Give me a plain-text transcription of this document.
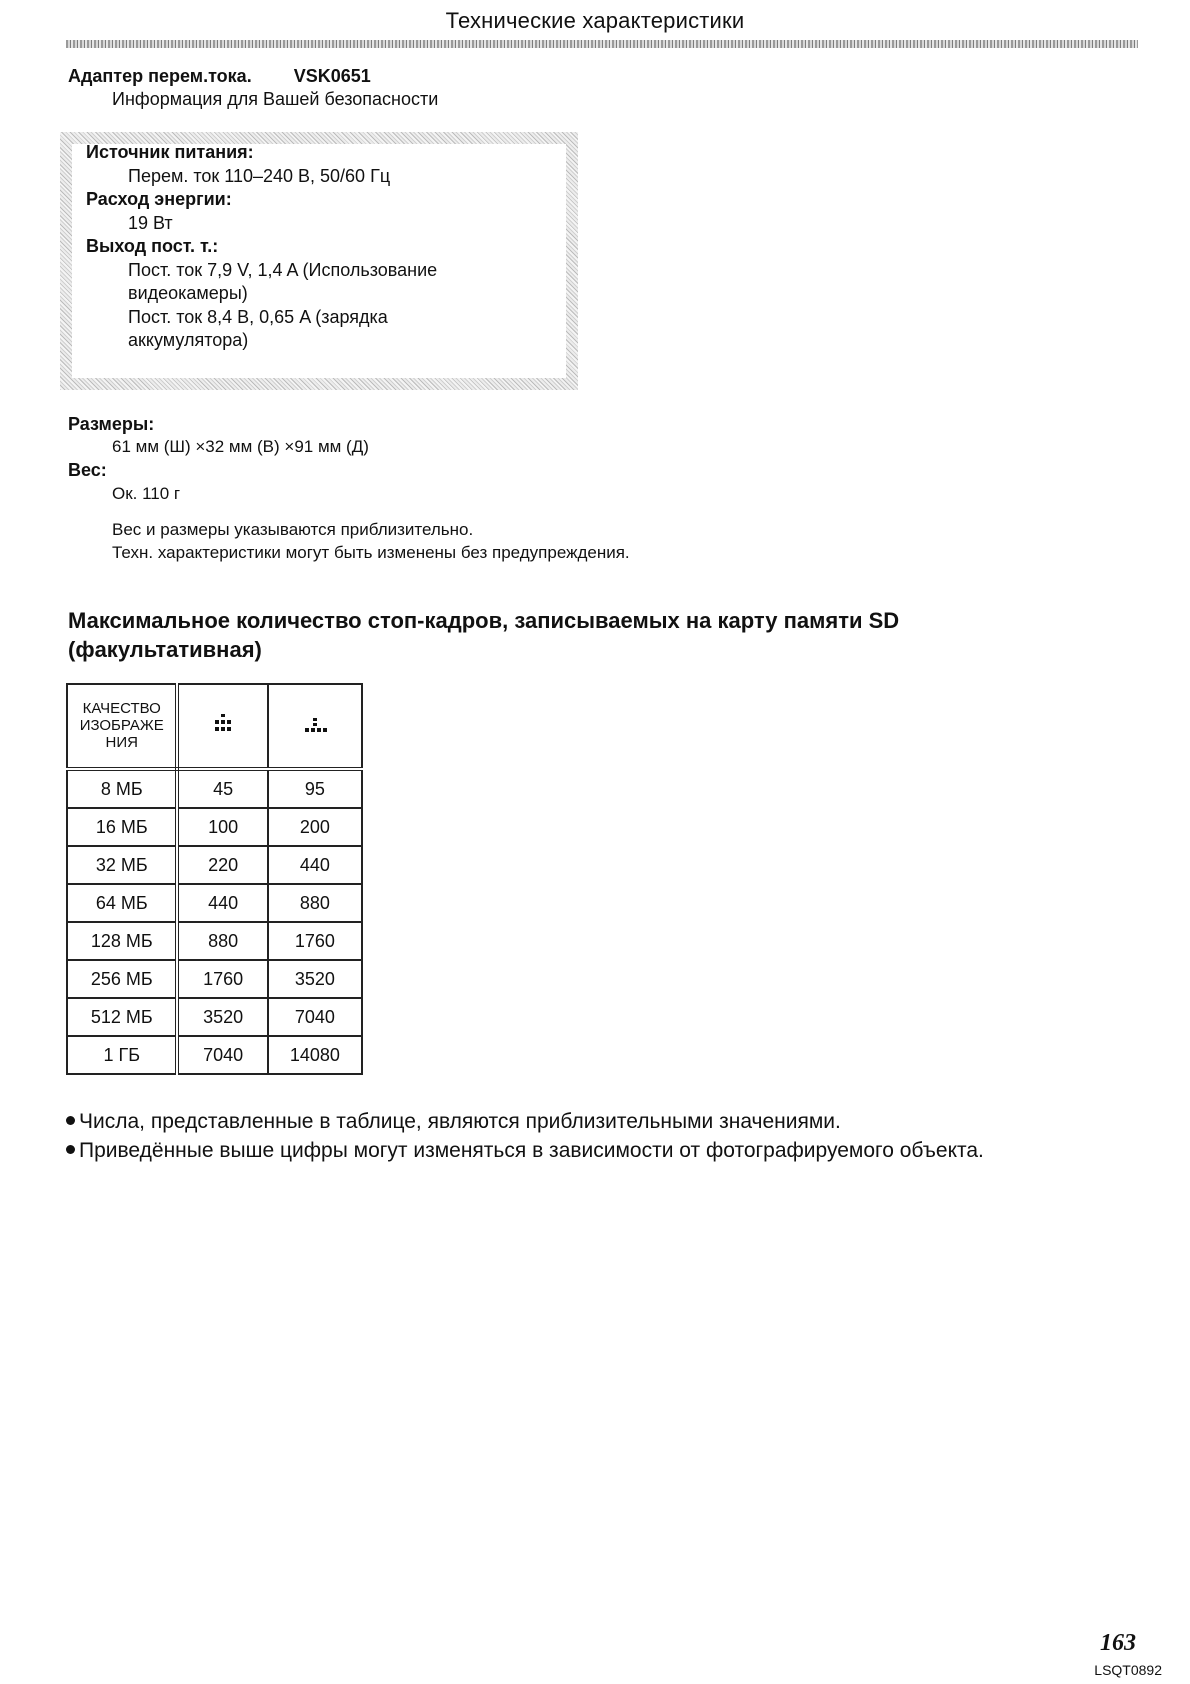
Технические характеристики
Адаптер перем.тока. VSK0651
Информация для Вашей безопасности
Источник питания:
Перем. ток 110–240 В, 50/60 Гц
Расход энергии:
19 Вт
Выход пост. т.:
Пост. ток 7,9 V, 1,4 A (Использование
видеокамеры)
Пост. ток 8,4 В, 0,65 A (зарядка
аккумулятора)
Размеры:
61 мм (Ш) ×32 мм (В) ×91 мм (Д)
Вес:
Ок. 110 г
Вес и размеры указываются приблизительно.
Техн. характеристики могут быть изменены без предупреждения.
Максимальное количество стоп-кадров, записываемых на карту памяти SD
(факультативная)
КАЧЕСТВО
ИЗОБРАЖЕ
НИЯ		
8 МБ	45	95
16 МБ	100	200
32 МБ	220	440
64 МБ	440	880
128 МБ	880	1760
256 МБ	1760	3520
512 МБ	3520	7040
1 ГБ	7040	14080
Числа, представленные в таблице, являются приблизительными значениями.
Приведённые выше цифры могут изменяться в зависимости от фотографируемого объекта.
163
LSQT0892
